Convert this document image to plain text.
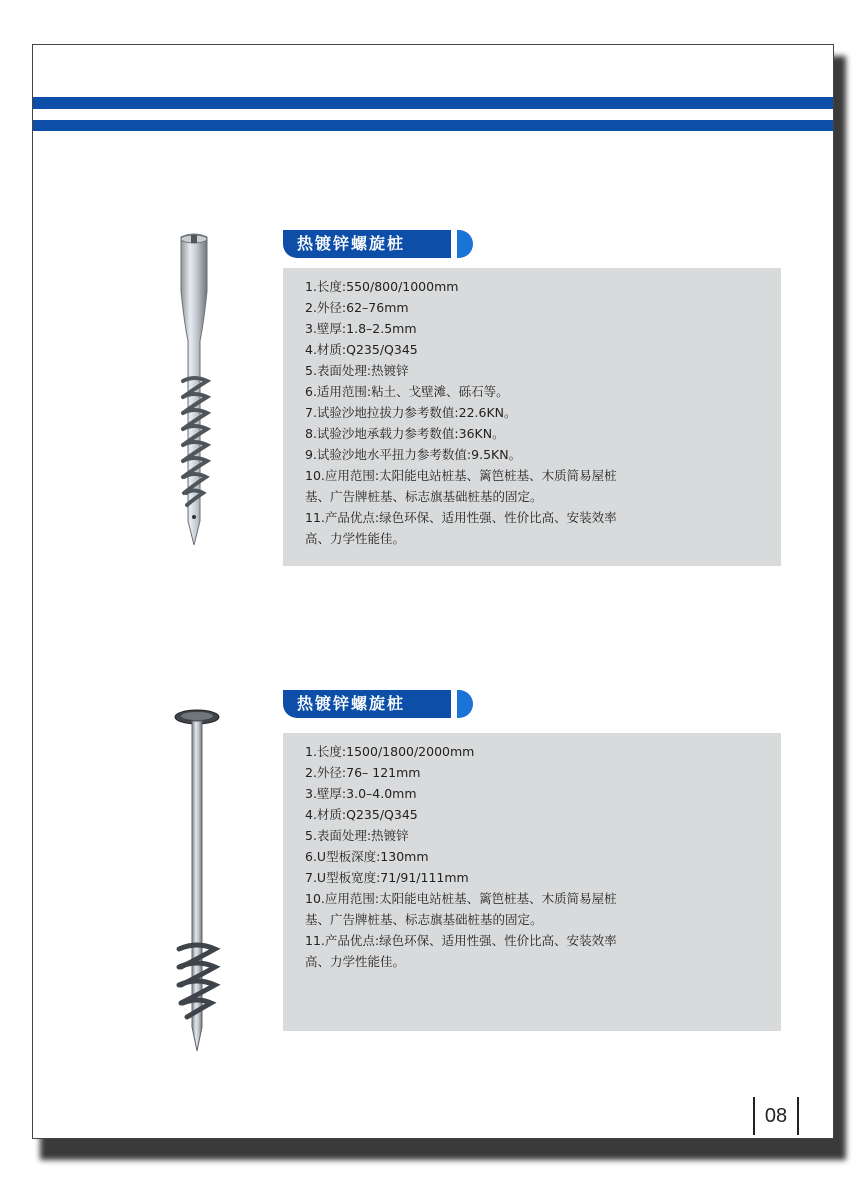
热镀锌螺旋桩
1.长度:550/800/1000mm
2.外径:62–76mm
3.壁厚:1.8–2.5mm
4.材质:Q235/Q345
5.表面处理:热镀锌
6.适用范围:粘土、戈壁滩、砾石等。
7.试验沙地拉拔力参考数值:22.6KN。
8.试验沙地承载力参考数值:36KN。
9.试验沙地水平扭力参考数值:9.5KN。
10.应用范围:太阳能电站桩基、篱笆桩基、木质简易屋桩
基、广告牌桩基、标志旗基础桩基的固定。
11.产品优点:绿色环保、适用性强、性价比高、安装效率
高、力学性能佳。
热镀锌螺旋桩
1.长度:1500/1800/2000mm
2.外径:76– 121mm
3.壁厚:3.0–4.0mm
4.材质:Q235/Q345
5.表面处理:热镀锌
6.U型板深度:130mm
7.U型板宽度:71/91/111mm
10.应用范围:太阳能电站桩基、篱笆桩基、木质简易屋桩
基、广告牌桩基、标志旗基础桩基的固定。
11.产品优点:绿色环保、适用性强、性价比高、安装效率
高、力学性能佳。
08
